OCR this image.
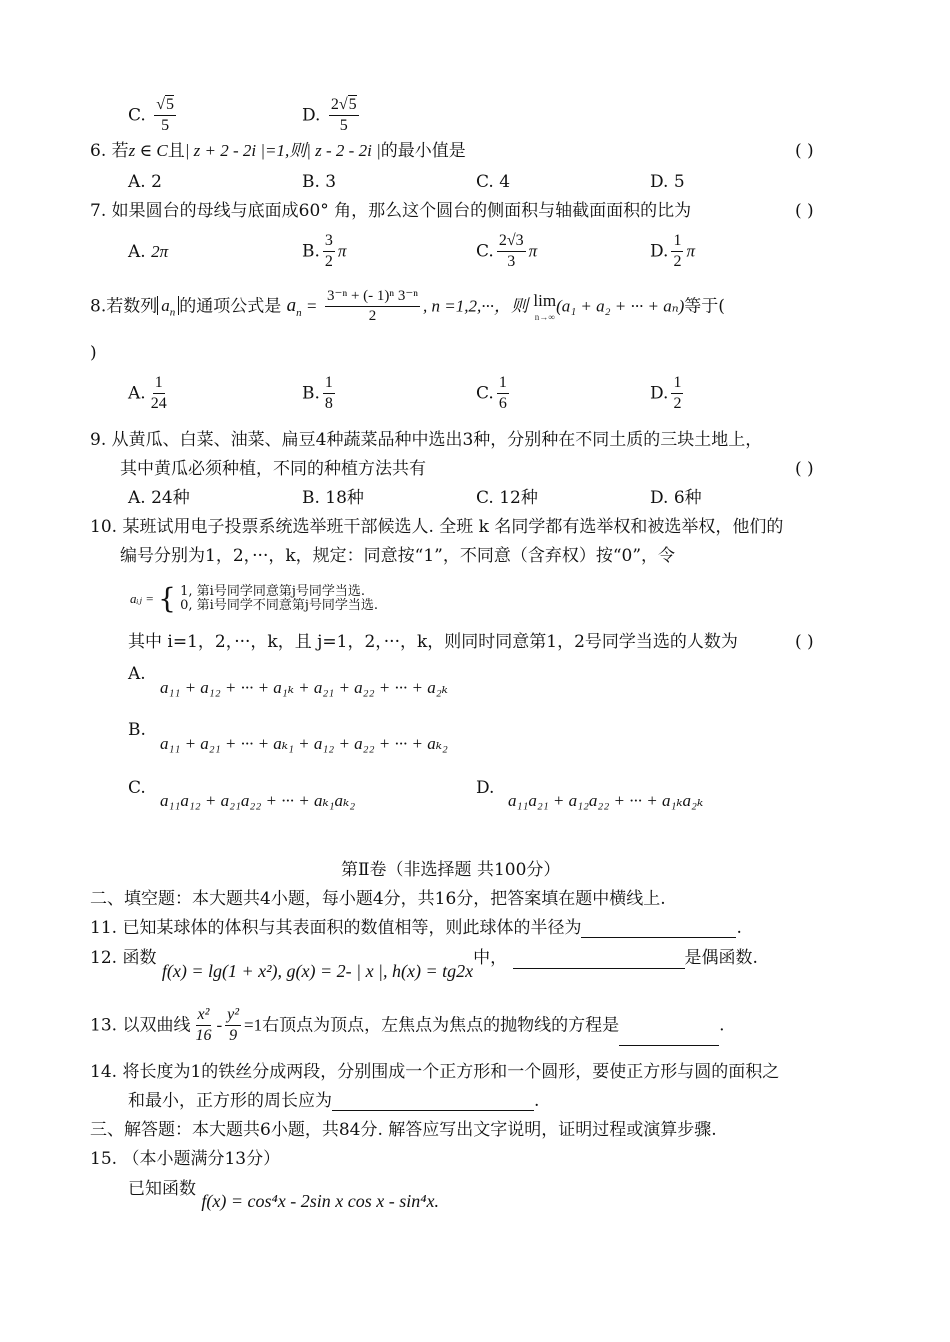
C. $\frac{√5}{5}$	D. $\frac{2√5}{5}$
6. 若z ∈ C且| z + 2 - 2i |=1,则| z - 2 - 2i |的最小值是	( )
A. 2	B. 3	C. 4	D. 5
7. 如果圆台的母线与底面成60° 角，那么这个圆台的侧面积与轴截面面积的比为	( )
A. 2π	B. $\frac{3}{2}$ π	C. $\frac{2√3}{3}$ π	D. $\frac{1}{2}$ π
8.若数列 $a_n$ 的通项公式是 $a_n = \frac{\text{3⁻ⁿ + (- 1)ⁿ 3⁻ⁿ}}{2}$ , n =1,2,···，则 lim
n→∞
(a₁ + a₂ + ··· + aₙ)等于(
)
A. $\frac{1}{24}$	B. $\frac{1}{8}$	C. $\frac{1}{6}$	D. $\frac{1}{2}$
9. 从黄瓜、白菜、油菜、扁豆4种蔬菜品种中选出3种，分别种在不同土质的三块土地上，
其中黄瓜必须种植，不同的种植方法共有	( )
A. 24种	B. 18种	C. 12种	D. 6种
10. 某班试用电子投票系统选举班干部候选人. 全班 k 名同学都有选举权和被选举权，他们的
编号分别为1，2，···，k，规定：同意按“1”，不同意（含弃权）按“0”，令
aᵢⱼ = { 1, 第i号同学同意第j号同学当选.
0, 第i号同学不同意第j号同学当选.
其中 i=1，2，···，k，且 j=1，2，···，k，则同时同意第1，2号同学当选的人数为	( )
A.
a₁₁ + a₁₂ + ··· + a₁ₖ + a₂₁ + a₂₂ + ··· + a₂ₖ
B.
a₁₁ + a₂₁ + ··· + aₖ₁ + a₁₂ + a₂₂ + ··· + aₖ₂
C.
a₁₁a₁₂ + a₂₁a₂₂ + ··· + aₖ₁aₖ₂
D.
a₁₁a₂₁ + a₁₂a₂₂ + ··· + a₁ₖa₂ₖ
第Ⅱ卷（非选择题 共100分）
二、填空题：本大题共4小题，每小题4分，共16分，把答案填在题中横线上.
11. 已知某球体的体积与其表面积的数值相等，则此球体的半径为	.
12. 函数 f(x) = lg(1 + x²), g(x) = 2- | x |, h(x) = tg2x中，	是偶函数.
13. 以双曲线 $\frac{\text{x²}}{16} - \frac{\text{y²}}{9} =1$右顶点为顶点，左焦点为焦点的抛物线的方程是	.
14. 将长度为1的铁丝分成两段，分别围成一个正方形和一个圆形，要使正方形与圆的面积之
和最小，正方形的周长应为	.
三、解答题：本大题共6小题，共84分. 解答应写出文字说明，证明过程或演算步骤.
15. （本小题满分13分）
已知函数 f(x) = cos⁴x - 2sin x cos x - sin⁴x.
